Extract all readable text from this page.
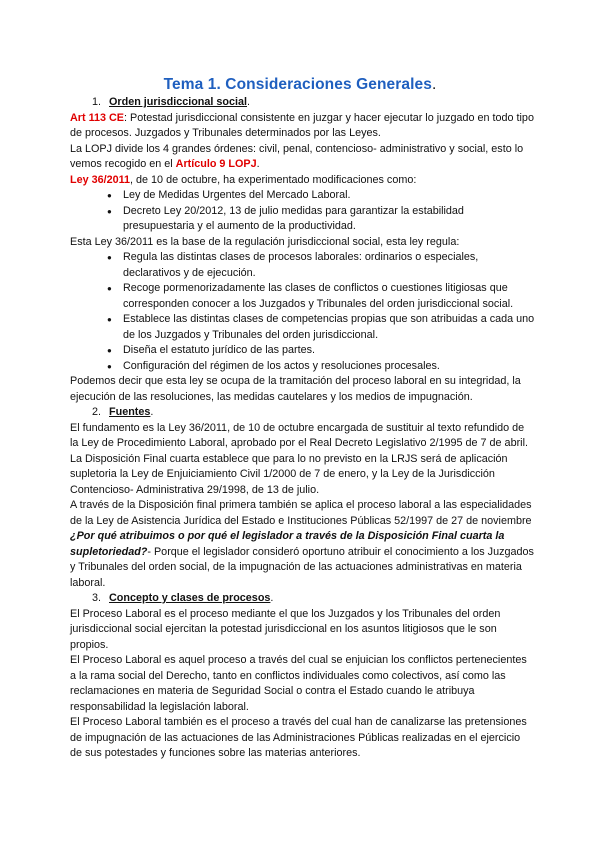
Tema 1. Consideraciones Generales.

1. Orden jurisdiccional social.

Art 113 CE: Potestad jurisdiccional consistente en juzgar y hacer ejecutar lo juzgado en todo tipo de procesos. Juzgados y Tribunales determinados por las Leyes.

La LOPJ divide los 4 grandes órdenes: civil, penal, contencioso- administrativo y social, esto lo vemos recogido en el Artículo 9 LOPJ.

Ley 36/2011, de 10 de octubre, ha experimentado modificaciones como:

● Ley de Medidas Urgentes del Mercado Laboral.
● Decreto Ley 20/2012, 13 de julio medidas para garantizar la estabilidad presupuestaria y el aumento de la productividad.

Esta Ley 36/2011 es la base de la regulación jurisdiccional social, esta ley regula:

● Regula las distintas clases de procesos laborales: ordinarios o especiales, declarativos y de ejecución.
● Recoge pormenorizadamente las clases de conflictos o cuestiones litigiosas que corresponden conocer a los Juzgados y Tribunales del orden jurisdiccional social.
● Establece las distintas clases de competencias propias que son atribuidas a cada uno de los Juzgados y Tribunales del orden jurisdiccional.
● Diseña el estatuto jurídico de las partes.
● Configuración del régimen de los actos y resoluciones procesales.

Podemos decir que esta ley se ocupa de la tramitación del proceso laboral en su integridad, la ejecución de las resoluciones, las medidas cautelares y los medios de impugnación.

2. Fuentes.

El fundamento es la Ley 36/2011, de 10 de octubre encargada de sustituir al texto refundido de la Ley de Procedimiento Laboral, aprobado por el Real Decreto Legislativo 2/1995 de 7 de abril.

La Disposición Final cuarta establece que para lo no previsto en la LRJS será de aplicación supletoria la Ley de Enjuiciamiento Civil 1/2000 de 7 de enero, y la Ley de la Jurisdicción Contencioso- Administrativa 29/1998, de 13 de julio.

A través de la Disposición final primera también se aplica el proceso laboral a las especialidades de la Ley de Asistencia Jurídica del Estado e Instituciones Públicas 52/1997 de 27 de noviembre

¿Por qué atribuimos o por qué el legislador a través de la Disposición Final cuarta la supletoriedad?- Porque el legislador consideró oportuno atribuir el conocimiento a los Juzgados y Tribunales del orden social, de la impugnación de las actuaciones administrativas en materia laboral.

3. Concepto y clases de procesos.

El Proceso Laboral es el proceso mediante el que los Juzgados y los Tribunales del orden jurisdiccional social ejercitan la potestad jurisdiccional en los asuntos litigiosos que le son propios.

El Proceso Laboral es aquel proceso a través del cual se enjuician los conflictos pertenecientes a la rama social del Derecho, tanto en conflictos individuales como colectivos, así como las reclamaciones en materia de Seguridad Social o contra el Estado cuando le atribuya responsabilidad la legislación laboral.

El Proceso Laboral también es el proceso a través del cual han de canalizarse las pretensiones de impugnación de las actuaciones de las Administraciones Públicas realizadas en el ejercicio de sus potestades y funciones sobre las materias anteriores.
